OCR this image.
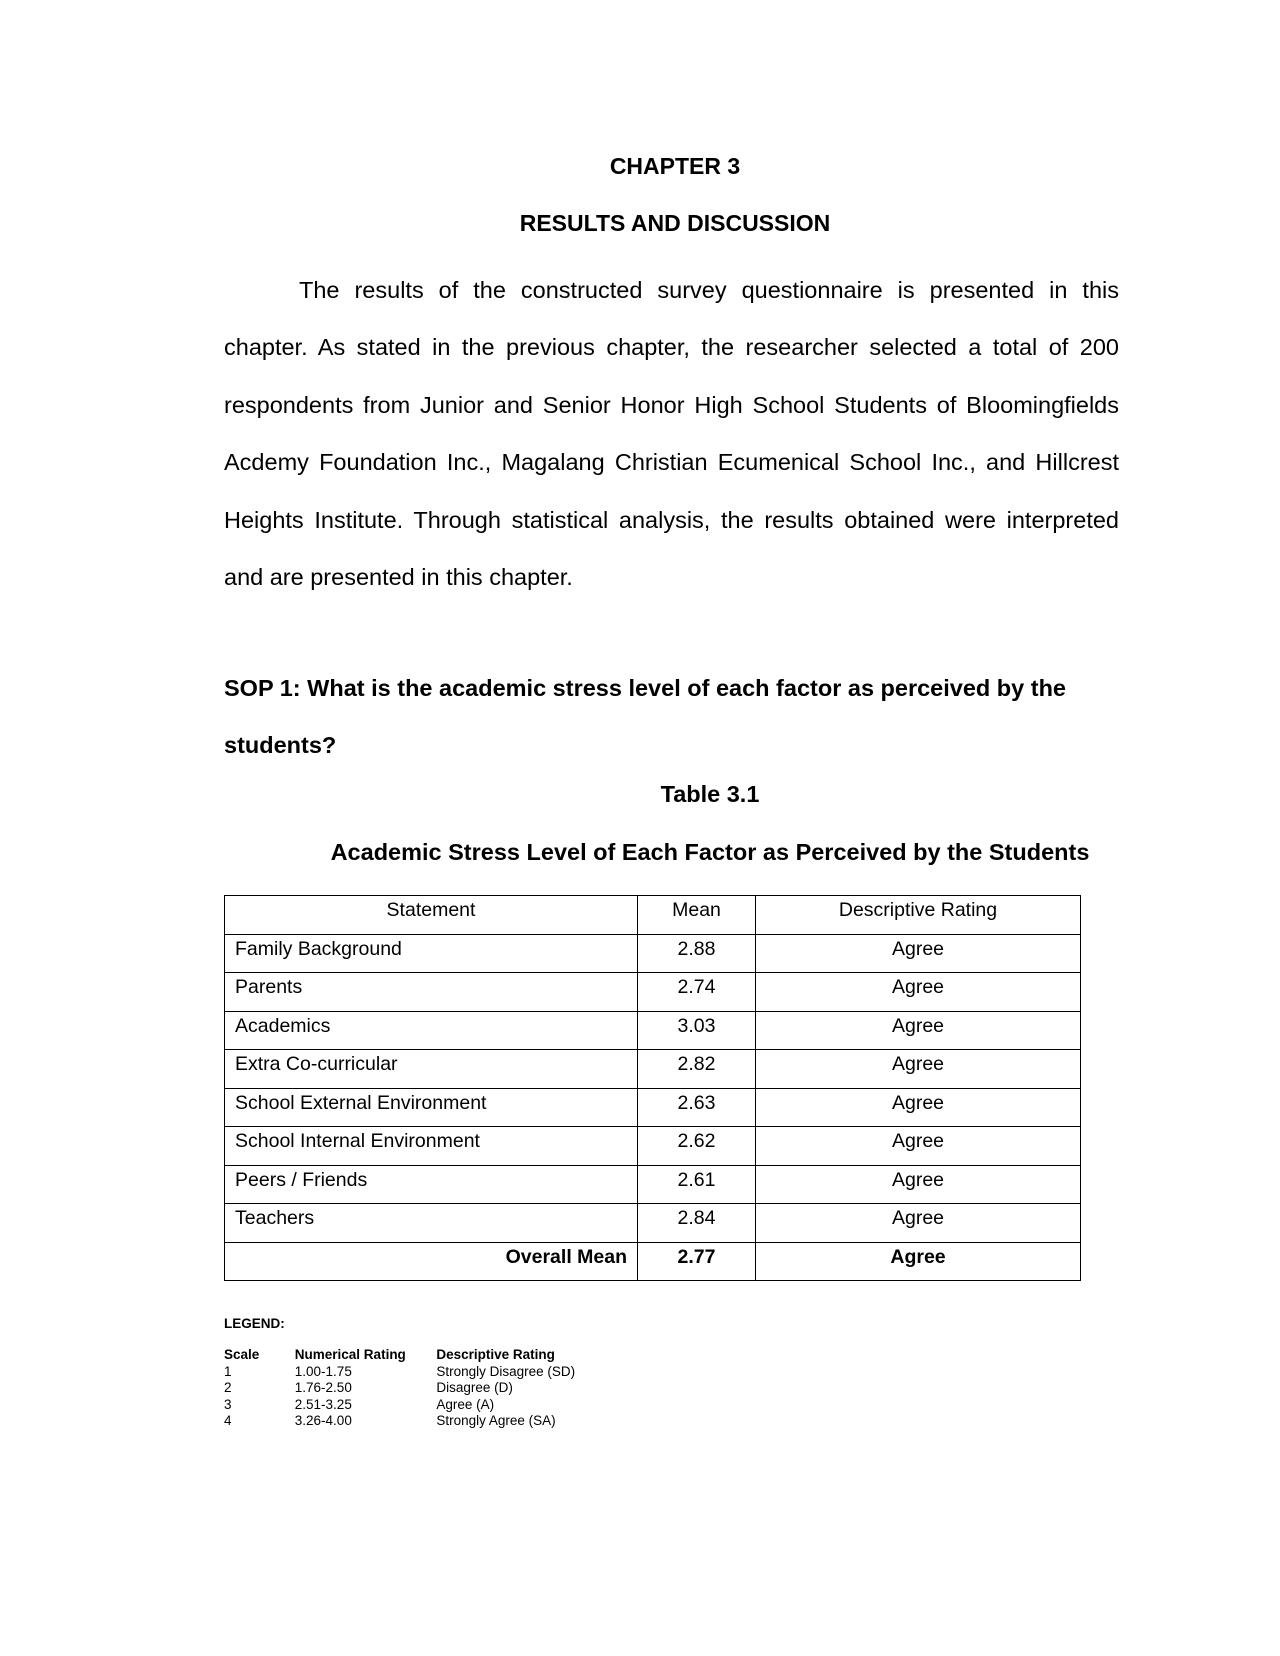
CHAPTER 3
RESULTS AND DISCUSSION

The results of the constructed survey questionnaire is presented in this chapter. As stated in the previous chapter, the researcher selected a total of 200 respondents from Junior and Senior Honor High School Students of Bloomingfields Acdemy Foundation Inc., Magalang Christian Ecumenical School Inc., and Hillcrest Heights Institute. Through statistical analysis, the results obtained were interpreted and are presented in this chapter.

SOP 1: What is the academic stress level of each factor as perceived by the students?

Table 3.1

Academic Stress Level of Each Factor as Perceived by the Students

Statement	Mean	Descriptive Rating
Family Background	2.88	Agree
Parents	2.74	Agree
Academics	3.03	Agree
Extra Co-curricular	2.82	Agree
School External Environment	2.63	Agree
School Internal Environment	2.62	Agree
Peers / Friends	2.61	Agree
Teachers	2.84	Agree
Overall Mean	2.77	Agree

LEGEND:

Scale	Numerical Rating	Descriptive Rating
1	1.00-1.75	Strongly Disagree (SD)
2	1.76-2.50	Disagree (D)
3	2.51-3.25	Agree (A)
4	3.26-4.00	Strongly Agree (SA)
